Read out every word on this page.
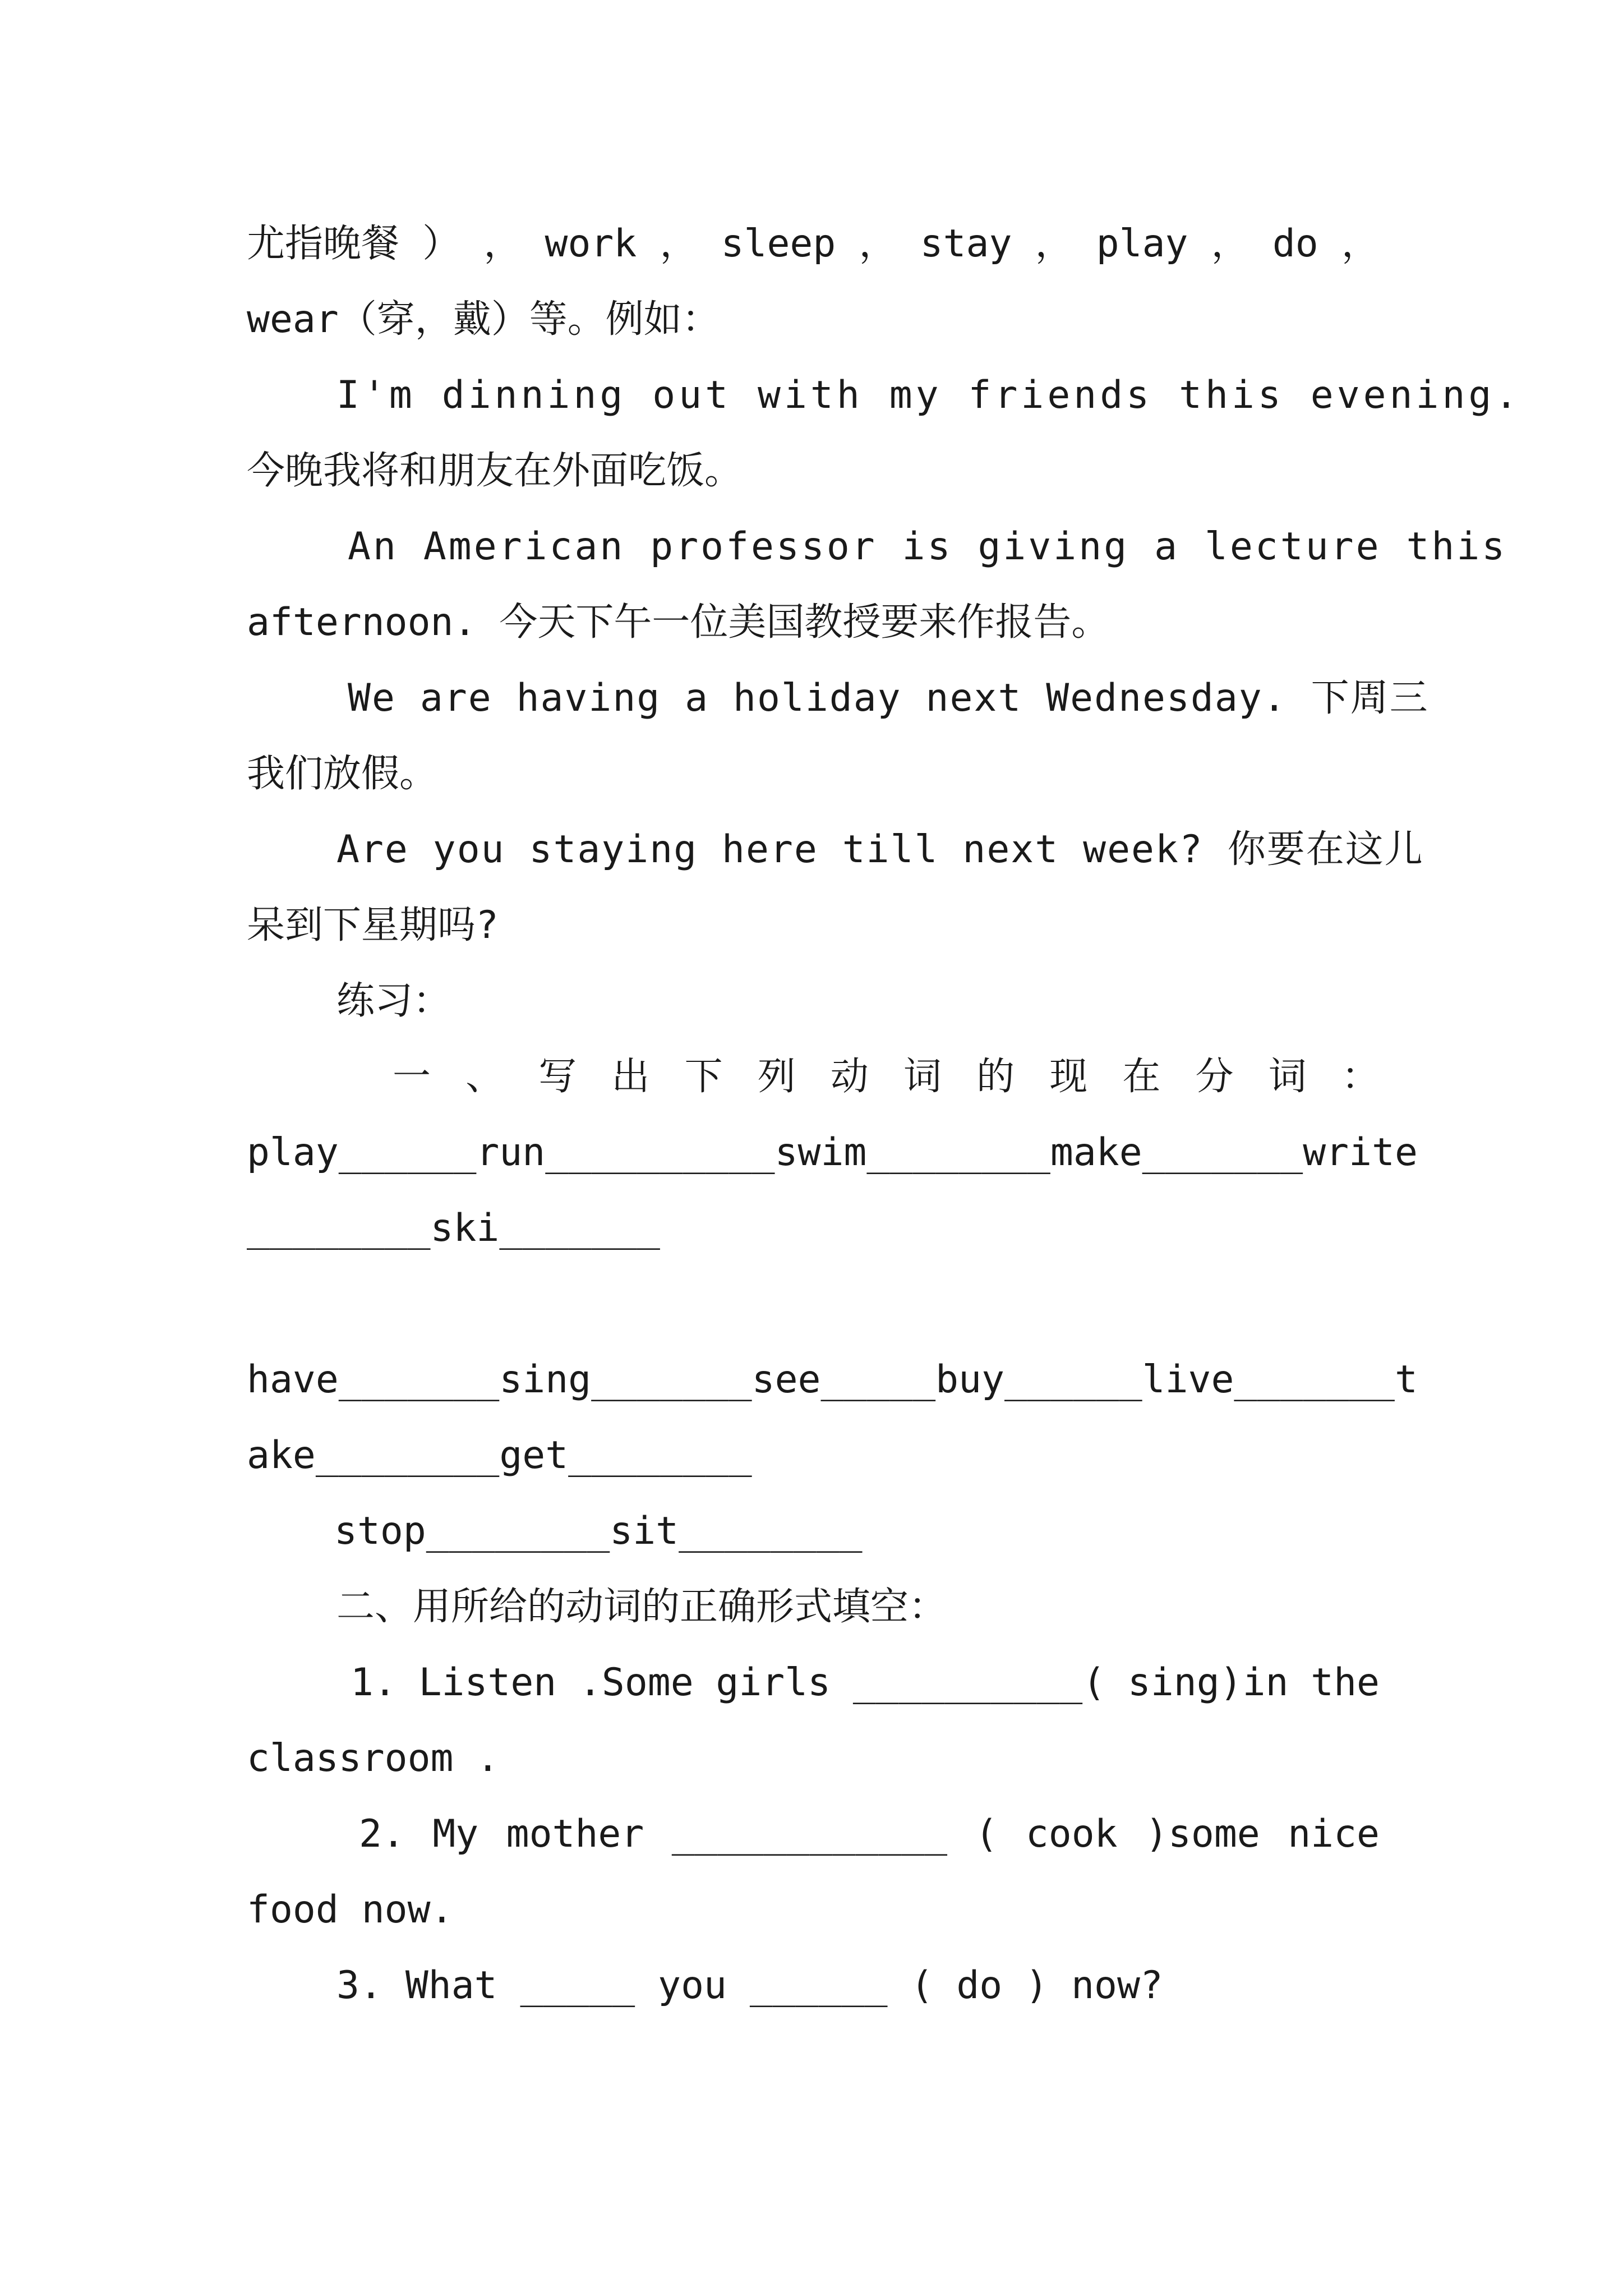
尤指晚餐 ） ， work ， sleep ， stay ， play ， do ，
wear（穿，戴）等。例如：
I'm dinning out with my friends this evening.
今晚我将和朋友在外面吃饭。
An American professor is giving a lecture this
afternoon. 今天下午一位美国教授要来作报告。
We are having a holiday next Wednesday. 下周三
我们放假。
Are you staying here till next week? 你要在这儿
呆到下星期吗?
练习：
一 、 写 出 下 列 动 词 的 现 在 分 词 ：
play______run__________swim________make_______write
________ski_______
have_______sing_______see_____buy______live_______t
ake________get________
stop________sit________
二、用所给的动词的正确形式填空：
1. Listen .Some girls __________( sing)in the
classroom .
2. My mother ____________ ( cook )some nice
food now.
3. What _____ you ______ ( do ) now?
